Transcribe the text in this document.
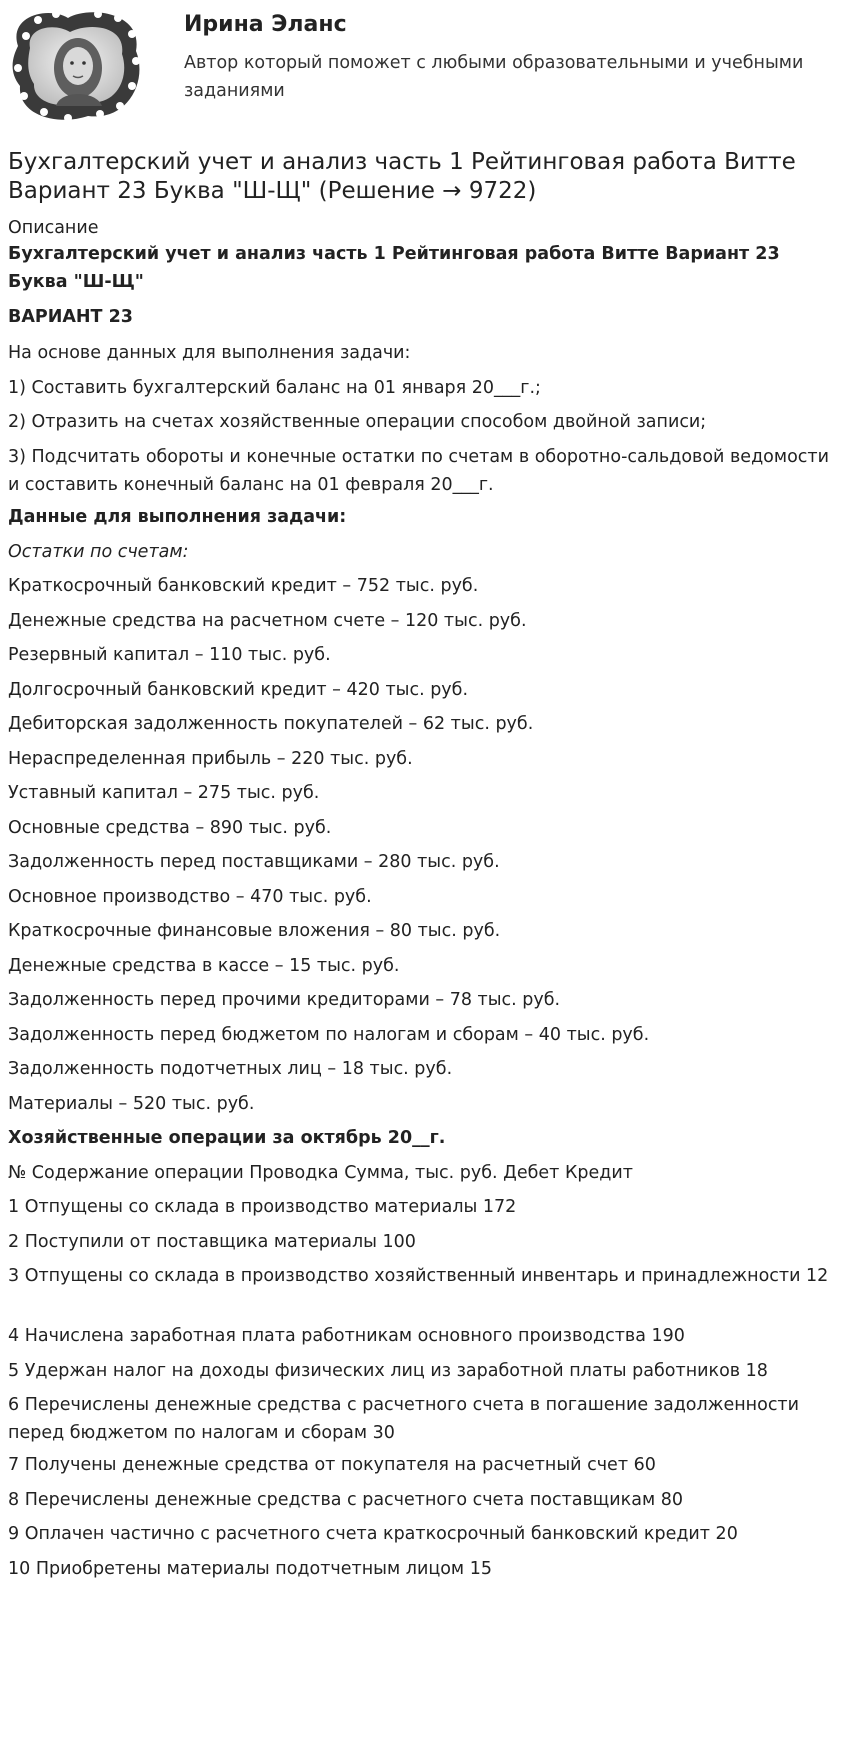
Ирина Эланс
Автор который поможет с любыми образовательными и учебными заданиями
Бухгалтерский учет и анализ часть 1 Рейтинговая работа Витте Вариант 23 Буква "Ш-Щ" (Решение → 9722)
Описание
Бухгалтерский учет и анализ часть 1 Рейтинговая работа Витте Вариант 23 Буква "Ш-Щ"
ВАРИАНТ 23
На основе данных для выполнения задачи:
1) Составить бухгалтерский баланс на 01 января 20___г.;
2) Отразить на счетах хозяйственные операции способом двойной записи;
3) Подсчитать обороты и конечные остатки по счетам в оборотно-сальдовой ведомости и составить конечный баланс на 01 февраля 20___г.
Данные для выполнения задачи:
Остатки по счетам:
Краткосрочный банковский кредит – 752 тыс. руб.
Денежные средства на расчетном счете – 120 тыс. руб.
Резервный капитал – 110 тыс. руб.
Долгосрочный банковский кредит – 420 тыс. руб.
Дебиторская задолженность покупателей – 62 тыс. руб.
Нераспределенная прибыль – 220 тыс. руб.
Уставный капитал – 275 тыс. руб.
Основные средства – 890 тыс. руб.
Задолженность перед поставщиками – 280 тыс. руб.
Основное производство – 470 тыс. руб.
Краткосрочные финансовые вложения – 80 тыс. руб.
Денежные средства в кассе – 15 тыс. руб.
Задолженность перед прочими кредиторами – 78 тыс. руб.
Задолженность перед бюджетом по налогам и сборам – 40 тыс. руб.
Задолженность подотчетных лиц – 18 тыс. руб.
Материалы – 520 тыс. руб.
Хозяйственные операции за октябрь 20__г.
№ Содержание операции Проводка Сумма, тыс. руб. Дебет Кредит
1 Отпущены со склада в производство материалы 172
2 Поступили от поставщика материалы 100
3 Отпущены со склада в производство хозяйственный инвентарь и принадлежности 12
4 Начислена заработная плата работникам основного производства 190
5 Удержан налог на доходы физических лиц из заработной платы работников 18
6 Перечислены денежные средства с расчетного счета в погашение задолженности перед бюджетом по налогам и сборам 30
7 Получены денежные средства от покупателя на расчетный счет 60
8 Перечислены денежные средства с расчетного счета поставщикам 80
9 Оплачен частично с расчетного счета краткосрочный банковский кредит 20
10 Приобретены материалы подотчетным лицом 15
